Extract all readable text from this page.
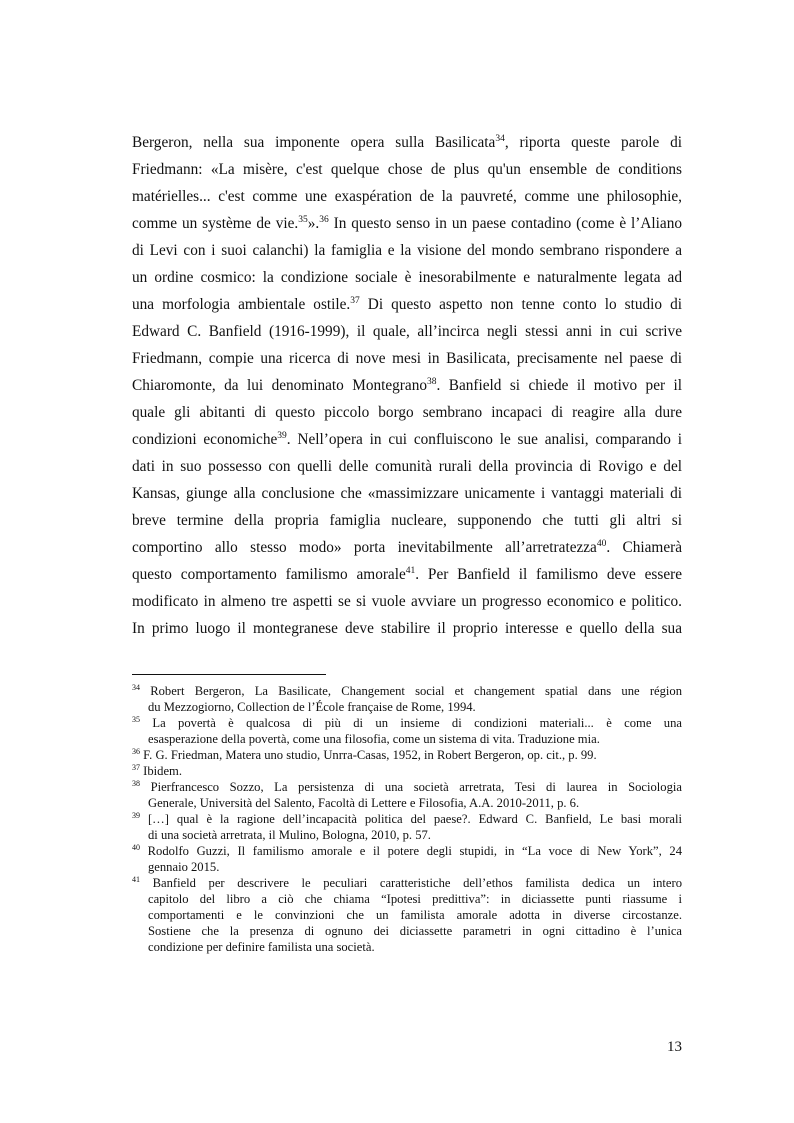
Bergeron, nella sua imponente opera sulla Basilicata$^{34}$, riporta queste parole di
Friedmann: «La misère, c'est quelque chose de plus qu'un ensemble de conditions
matérielles... c'est comme une exaspération de la pauvreté, comme une philosophie,
comme un système de vie.$^{35}$».$^{36}$ In questo senso in un paese contadino (come è l’Aliano
di Levi con i suoi calanchi) la famiglia e la visione del mondo sembrano rispondere a
un ordine cosmico: la condizione sociale è inesorabilmente e naturalmente legata ad
una morfologia ambientale ostile.$^{37}$ Di questo aspetto non tenne conto lo studio di
Edward C. Banfield (1916-1999), il quale, all’incirca negli stessi anni in cui scrive
Friedmann, compie una ricerca di nove mesi in Basilicata, precisamente nel paese di
Chiaromonte, da lui denominato Montegrano$^{38}$. Banfield si chiede il motivo per il
quale gli abitanti di questo piccolo borgo sembrano incapaci di reagire alla dure
condizioni economiche$^{39}$. Nell’opera in cui confluiscono le sue analisi, comparando i
dati in suo possesso con quelli delle comunità rurali della provincia di Rovigo e del
Kansas, giunge alla conclusione che «massimizzare unicamente i vantaggi materiali di
breve termine della propria famiglia nucleare, supponendo che tutti gli altri si
comportino allo stesso modo» porta inevitabilmente all’arretratezza$^{40}$. Chiamerà
questo comportamento familismo amorale$^{41}$. Per Banfield il familismo deve essere
modificato in almeno tre aspetti se si vuole avviare un progresso economico e politico.
In primo luogo il montegranese deve stabilire il proprio interesse e quello della sua
$^{34}$ Robert Bergeron, La Basilicate, Changement social et changement spatial dans une région
du Mezzogiorno, Collection de l’École française de Rome, 1994.
$^{35}$ La povertà è qualcosa di più di un insieme di condizioni materiali... è come una
esasperazione della povertà, come una filosofia, come un sistema di vita. Traduzione mia.
$^{36}$ F. G. Friedman, Matera uno studio, Unrra-Casas, 1952, in Robert Bergeron, op. cit., p. 99.
$^{37}$ Ibidem.
$^{38}$ Pierfrancesco Sozzo, La persistenza di una società arretrata, Tesi di laurea in Sociologia
Generale, Università del Salento, Facoltà di Lettere e Filosofia, A.A. 2010-2011, p. 6.
$^{39}$ […] qual è la ragione dell’incapacità politica del paese?. Edward C. Banfield, Le basi morali
di una società arretrata, il Mulino, Bologna, 2010, p. 57.
$^{40}$ Rodolfo Guzzi, Il familismo amorale e il potere degli stupidi, in “La voce di New York”, 24
gennaio 2015.
$^{41}$ Banfield per descrivere le peculiari caratteristiche dell’ethos familista dedica un intero
capitolo del libro a ciò che chiama “Ipotesi predittiva”: in diciassette punti riassume i
comportamenti e le convinzioni che un familista amorale adotta in diverse circostanze.
Sostiene che la presenza di ognuno dei diciassette parametri in ogni cittadino è l’unica
condizione per definire familista una società.
13
